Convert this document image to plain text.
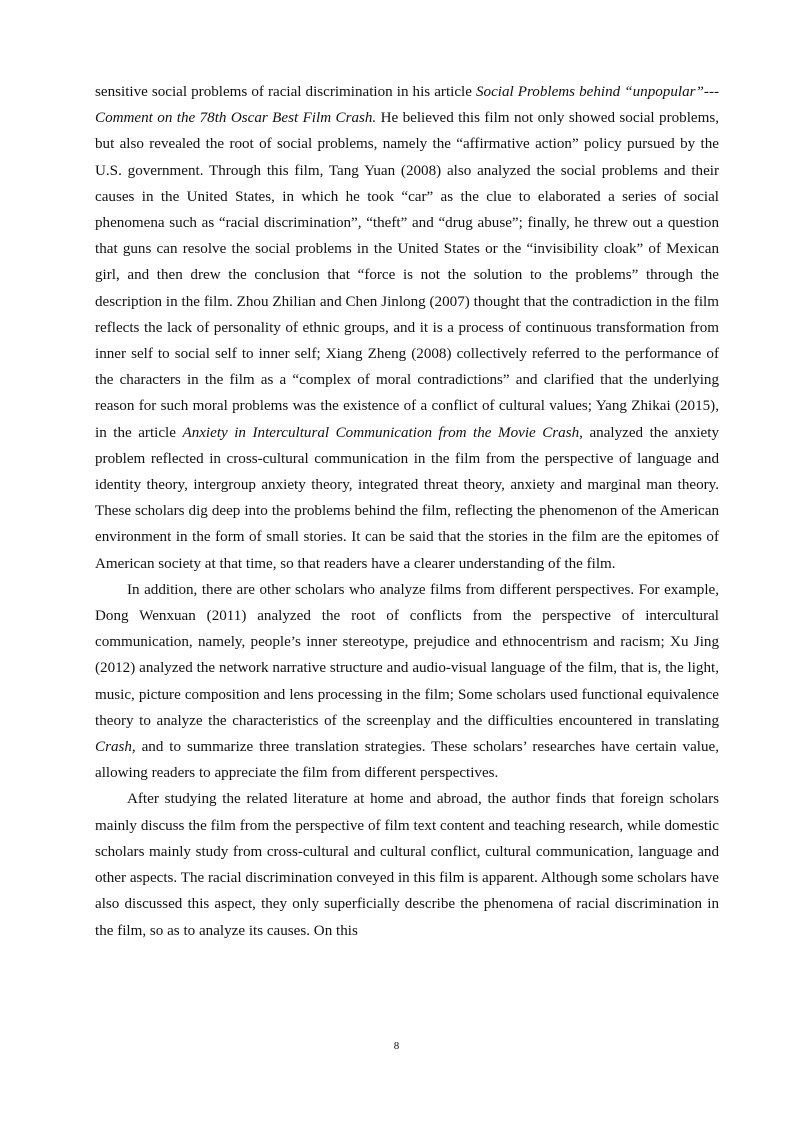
sensitive social problems of racial discrimination in his article Social Problems behind “unpopular”---Comment on the 78th Oscar Best Film Crash. He believed this film not only showed social problems, but also revealed the root of social problems, namely the “affirmative action” policy pursued by the U.S. government. Through this film, Tang Yuan (2008) also analyzed the social problems and their causes in the United States, in which he took “car” as the clue to elaborated a series of social phenomena such as “racial discrimination”, “theft” and “drug abuse”; finally, he threw out a question that guns can resolve the social problems in the United States or the “invisibility cloak” of Mexican girl, and then drew the conclusion that “force is not the solution to the problems” through the description in the film. Zhou Zhilian and Chen Jinlong (2007) thought that the contradiction in the film reflects the lack of personality of ethnic groups, and it is a process of continuous transformation from inner self to social self to inner self; Xiang Zheng (2008) collectively referred to the performance of the characters in the film as a “complex of moral contradictions” and clarified that the underlying reason for such moral problems was the existence of a conflict of cultural values; Yang Zhikai (2015), in the article Anxiety in Intercultural Communication from the Movie Crash, analyzed the anxiety problem reflected in cross-cultural communication in the film from the perspective of language and identity theory, intergroup anxiety theory, integrated threat theory, anxiety and marginal man theory. These scholars dig deep into the problems behind the film, reflecting the phenomenon of the American environment in the form of small stories. It can be said that the stories in the film are the epitomes of American society at that time, so that readers have a clearer understanding of the film.

In addition, there are other scholars who analyze films from different perspectives. For example, Dong Wenxuan (2011) analyzed the root of conflicts from the perspective of intercultural communication, namely, people’s inner stereotype, prejudice and ethnocentrism and racism; Xu Jing (2012) analyzed the network narrative structure and audio-visual language of the film, that is, the light, music, picture composition and lens processing in the film; Some scholars used functional equivalence theory to analyze the characteristics of the screenplay and the difficulties encountered in translating Crash, and to summarize three translation strategies. These scholars’ researches have certain value, allowing readers to appreciate the film from different perspectives.

After studying the related literature at home and abroad, the author finds that foreign scholars mainly discuss the film from the perspective of film text content and teaching research, while domestic scholars mainly study from cross-cultural and cultural conflict, cultural communication, language and other aspects. The racial discrimination conveyed in this film is apparent. Although some scholars have also discussed this aspect, they only superficially describe the phenomena of racial discrimination in the film, so as to analyze its causes. On this

8
